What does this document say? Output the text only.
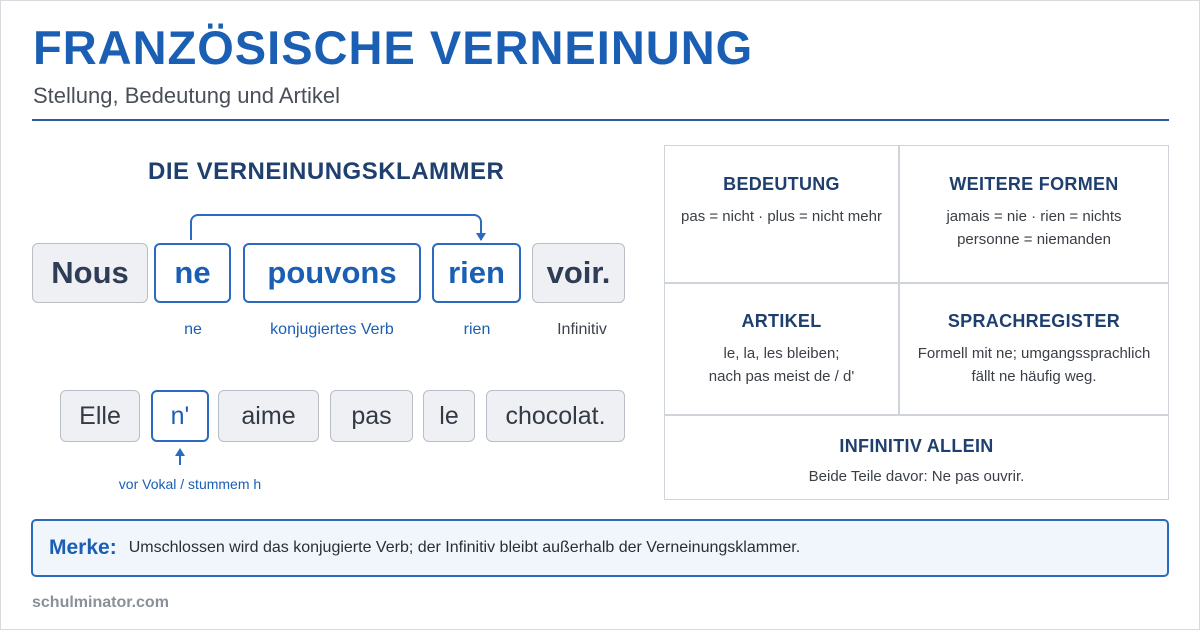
FRANZÖSISCHE VERNEINUNG
Stellung, Bedeutung und Artikel
DIE VERNEINUNGSKLAMMER
Nous	ne	pouvons	rien	voir.
ne	konjugiertes Verb	rien	Infinitiv
Elle	n'	aime	pas	le	chocolat.
vor Vokal / stummem h
BEDEUTUNG
pas = nicht · plus = nicht mehr
WEITERE FORMEN
jamais = nie · rien = nichts
personne = niemanden
ARTIKEL
le, la, les bleiben;
nach pas meist de / d'
SPRACHREGISTER
Formell mit ne; umgangssprachlich
fällt ne häufig weg.
INFINITIV ALLEIN
Beide Teile davor: Ne pas ouvrir.
Merke: Umschlossen wird das konjugierte Verb; der Infinitiv bleibt außerhalb der Verneinungsklammer.
schulminator.com
